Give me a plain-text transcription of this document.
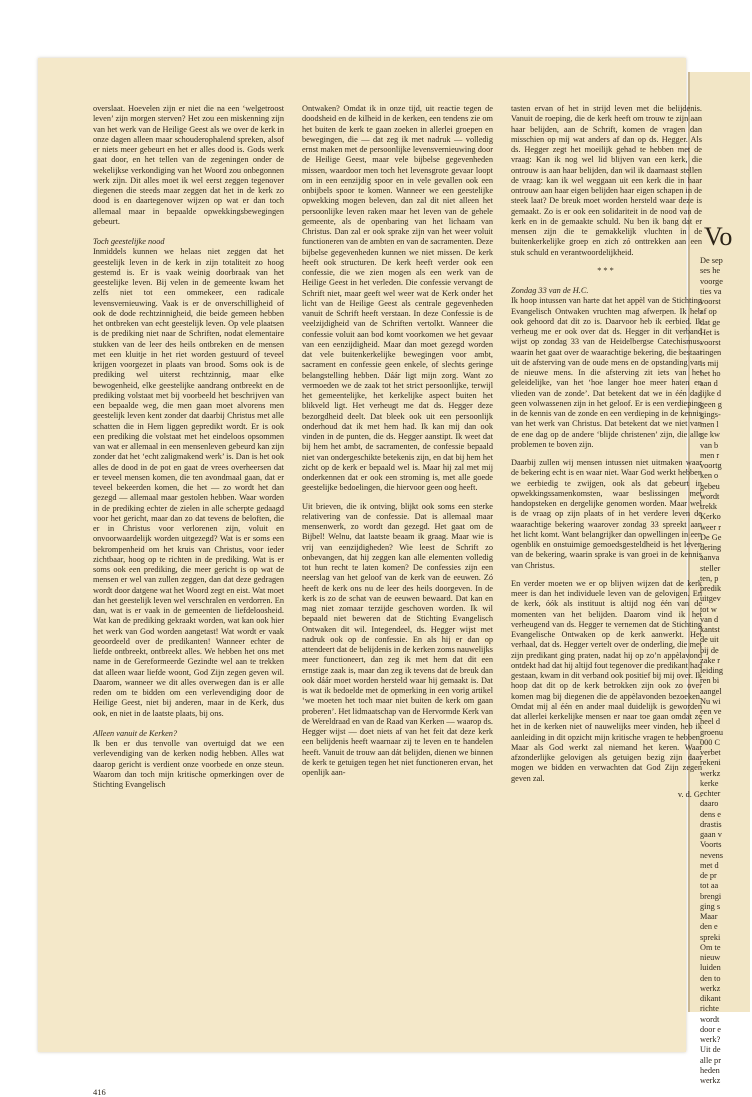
Vo
De sep
ses he
voorge
ties va
voorst
af op
dat ge
Het is
voorst
ringen
is mij
het ho
aan d
lijke d
geen g
gings-
men l
ge kw
van b
men r
voortg
ken o
gebeu
wordt
trekk
Kerko
weer r
De Ge
dering
aanva
steller
ten, p
predik
uitgev
tot w
van d
kantst
de uit
bij de
zake r
leiding
ren bi
aangel
Nu wi
een ve
heel d
groenu
000 C
verbet
rekeni
werkz
kerke
echter
daaro
dens e
drastis
gaan v
Voorts
nevens
met d
de pr
tot aa
brengi
ging s
Maar
den e
spreki
Om te
nieuw
luiden
den to
werkz
dikant
richte
wordt
door e
werk?
Uit de
alle pr
heden
werkz

overslaat. Hoevelen zijn er niet die na een ‘welgetroost leven’ zijn morgen sterven? Het zou een miskenning zijn van het werk van de Heilige Geest als we over de kerk in onze dagen alleen maar schouderophalend spreken, alsof er niets meer gebeurt en het er alles dood is. Gods werk gaat door, en het tellen van de zegeningen onder de wekelijkse verkondiging van het Woord zou onbegonnen werk zijn. Dit alles moet ik wel eerst zeggen tegenover diegenen die steeds maar zeggen dat het in de kerk zo dood is en daartegenover wijzen op wat er dan toch allemaal maar in bepaalde opwekkingsbewegingen gebeurt.

Toch geestelijke nood

Inmiddels kunnen we helaas niet zeggen dat het geestelijk leven in de kerk in zijn totaliteit zo hoog gestemd is. Er is vaak weinig doorbraak van het geestelijke leven. Bij velen in de gemeente kwam het zelfs niet tot een ommekeer, een radicale levensvernieuwing. Vaak is er de onverschilligheid of ook de dode rechtzinnigheid, die beide gemeen hebben het ontbreken van echt geestelijk leven. Op vele plaatsen is de prediking niet naar de Schriften, nodat elementaire stukken van de leer des heils ontbreken en de mensen met een kluitje in het riet worden gestuurd of teveel krijgen voorgezet in plaats van brood. Soms ook is de prediking wel uiterst rechtzinnig, maar elke bewogenheid, elke geestelijke aandrang ontbreekt en de prediking volstaat met bij voorbeeld het beschrijven van een bepaalde weg, die men gaan moet alvorens men geestelijk leven kent zonder dat daarbij Christus met alle schatten die in Hem liggen gepredikt wordt. Er is ook een prediking die volstaat met het eindeloos opsommen van wat er allemaal in een mensenleven gebeurd kan zijn zonder dat het ‘echt zaligmakend werk’ is. Dan is het ook alles de dood in de pot en gaat de vrees overheersen dat er teveel mensen komen, die ten avondmaal gaan, dat er teveel bekeerden komen, die het — zo wordt het dan gezegd — allemaal maar gestolen hebben. Waar worden in de prediking echter de zielen in alle scherpte gedaagd voor het gericht, maar dan zo dat tevens de beloften, die er in Christus voor verlorenen zijn, voluit en onvoorwaardelijk worden uitgezegd? Wat is er soms een bekrompenheid om het kruis van Christus, voor ieder zichtbaar, hoog op te richten in de prediking. Wat is er soms ook een prediking, die meer gericht is op wat de mensen er wel van zullen zeggen, dan dat deze gedragen wordt door datgene wat het Woord zegt en eist. Wat moet dan het geestelijk leven wel verschralen en verdorren. En dan, wat is er vaak in de gemeenten de liefdeloosheid. Wat kan de prediking gekraakt worden, wat kan ook hier het werk van God worden aangetast! Wat wordt er vaak geoordeeld over de predikanten! Wanneer echter de liefde ontbreekt, ontbreekt alles. We hebben het ons met name in de Gereformeerde Gezindte wel aan te trekken dat alleen waar liefde woont, God Zijn zegen geven wil. Daarom, wanneer we dit alles overwegen dan is er alle reden om te bidden om een verlevendiging door de Heilige Geest, niet bij anderen, maar in de Kerk, dus ook, en niet in de laatste plaats, bij ons.

Alleen vanuit de Kerken?

Ik ben er dus tenvolle van overtuigd dat we een verlevendiging van de kerken nodig hebben. Alles wat daarop gericht is verdient onze voorbede en onze steun. Waarom dan toch mijn kritische opmerkingen over de Stichting Evangelisch

Ontwaken? Omdat ik in onze tijd, uit reactie tegen de doodsheid en de kilheid in de kerken, een tendens zie om het buiten de kerk te gaan zoeken in allerlei groepen en bewegingen, die — dat zeg ik met nadruk — volledig ernst maken met de persoonlijke levensvernieuwing door de Heilige Geest, maar vele bijbelse gegevenheden missen, waardoor men toch het levensgrote gevaar loopt om in een eenzijdig spoor en in vele gevallen ook een onbijbels spoor te komen. Wanneer we een geestelijke opwekking mogen beleven, dan zal dit niet alleen het persoonlijke leven raken maar het leven van de gehele gemeente, als de openbaring van het lichaam van Christus. Dan zal er ook sprake zijn van het weer voluit functioneren van de ambten en van de sacramenten. Deze bijbelse gegevenheden kunnen we niet missen. De kerk heeft ook structuren. De kerk heeft verder ook een confessie, die we zien mogen als een werk van de Heilige Geest in het verleden. Die confessie vervangt de Schrift niet, maar geeft wel weer wat de Kerk onder het licht van de Heilige Geest als centrale gegevenheden vanuit de Schrift heeft verstaan. In deze Confessie is de veelzijdigheid van de Schriften vertolkt. Wanneer die confessie voluit aan bod komt voorkomen we het gevaar van een eenzijdigheid. Maar dan moet gezegd worden dat vele buitenkerkelijke bewegingen voor ambt, sacrament en confessie geen enkele, of slechts geringe belangstelling hebben. Dáár ligt mijn zorg. Want zo vermoeden we de zaak tot het strict persoonlijke, terwijl het gemeentelijke, het kerkelijke aspect buiten het blikveld ligt. Het verheugt me dat ds. Hegger deze bezorgdheid deelt. Dat bleek ook uit een persoonlijk onderhoud dat ik met hem had. Ik kan mij dan ook vinden in de punten, die ds. Hegger aanstipt. Ik weet dat bij hem het ambt, de sacramenten, de confessie bepaald niet van ondergeschikte betekenis zijn, en dat bij hem het zicht op de kerk er bepaald wel is. Maar hij zal met mij onderkennen dat er ook een stroming is, met alle goede geestelijke bedoelingen, die hiervoor geen oog heeft.

Uit brieven, die ik ontving, blijkt ook soms een sterke relativering van de confessie. Dat is allemaal maar mensenwerk, zo wordt dan gezegd. Het gaat om de Bijbel! Welnu, dat laatste beaam ik graag. Maar wie is vrij van eenzijdigheden? Wie leest de Schrift zo onbevangen, dat hij zeggen kan alle elementen volledig tot hun recht te laten komen? De confessies zijn een neerslag van het geloof van de kerk van de eeuwen. Zó heeft de kerk ons nu de leer des heils doorgeven. In de kerk is zo de schat van de eeuwen bewaard. Dat kan en mag niet zomaar terzijde geschoven worden. Ik wil bepaald niet beweren dat de Stichting Evangelisch Ontwaken dit wil. Integendeel, ds. Hegger wijst met nadruk ook op de confessie. En als hij er dan op attendeert dat de belijdenis in de kerken zoms nauwelijks meer functioneert, dan zeg ik met hem dat dit een ernstige zaak is, maar dan zeg ik tevens dat de breuk dan ook dáár moet worden hersteld waar hij gemaakt is. Dat is wat ik bedoelde met de opmerking in een vorig artikel ‘we moeten het toch maar niet buiten de kerk om gaan proberen’. Het lidmaatschap van de Hervormde Kerk van de Wereldraad en van de Raad van Kerken — waarop ds. Hegger wijst — doet niets af van het feit dat deze kerk een belijdenis heeft waarnaar zij te leven en te handelen heeft. Vanuit de trouw aan dát belijden, dienen we binnen de kerk te getuigen tegen het niet functioneren ervan, het openlijk aan-

tasten ervan of het in strijd leven met die belijdenis. Vanuit de roeping, die de kerk heeft om trouw te zijn aan haar belijden, aan de Schrift, komen de vragen dan misschien op mij wat anders af dan op ds. Hegger. Als ds. Hegger zegt het moeilijk gehad te hebben met de vraag: Kan ik nog wel lid blijven van een kerk, die ontrouw is aan haar belijden, dan wil ik daarnaast stellen de vraag: kan ik wel weggaan uit een kerk die in haar ontrouw aan haar eigen belijden haar eigen schapen in de steek laat? De breuk moet worden hersteld waar deze is gemaakt. Zo is er ook een solidariteit in de nood van de kerk en in de gemaakte schuld. Nu ben ik bang dat er mensen zijn die te gemakkelijk vluchten in de buitenkerkelijke groep en zich zó onttrekken aan een stuk schuld en verantwoordelijkheid.

***

Zondag 33 van de H.C.

Ik hoop intussen van harte dat het appèl van de Stichting Evangelisch Ontwaken vruchten mag afwerpen. Ik heb ook gehoord dat dit zo is. Daarvoor heb ik eerbied. Ik verheug me er ook over dat ds. Hegger in dit verband wijst op zondag 33 van de Heidelbergse Catechismus, waarin het gaat over de waarachtige bekering, die bestaat uit de afsterving van de oude mens en de opstanding van de nieuwe mens. In die afsterving zit iets van het geleidelijke, van het ‘hoe langer hoe meer haten en vlieden van de zonde’. Dat betekent dat we in één dag geen volwassenen zijn in het geloof. Er is een verdieping in de kennis van de zonde en een verdieping in de kennis van het werk van Christus. Dat betekent dat we niet van de ene dag op de andere ‘blijde christenen’ zijn, die alle problemen te boven zijn.

Daarbij zullen wij mensen intussen niet uitmaken waar de bekering echt is en waar niet. Waar God werkt hebben we eerbiedig te zwijgen, ook als dat gebeurt in opwekkingssamenkomsten, waar beslissingen met handopsteken en dergelijke genomen worden. Maar wel is de vraag op zijn plaats of in het verdere leven de waarachtige bekering waarover zondag 33 spreekt aan het licht komt. Want belangrijker dan opwellingen in een ogenblik en onstuimige gemoedsgesteldheid is het leven van de bekering, waarin sprake is van groei in de kennis van Christus.

En verder moeten we er op blijven wijzen dat de kerk meer is dan het individuele leven van de gelovigen. En de kerk, óók als instituut is altijd nog één van de momenten van het belijden. Daarom vind ik het verheugend van ds. Hegger te vernemen dat de Stichting Evangelische Ontwaken op de kerk aanwerkt. Het verhaal, dat ds. Hegger vertelt over de onderling, die met zijn predikant ging praten, nadat hij op zo’n appèlavond ontdekt had dat hij altijd fout tegenover die predikant had gestaan, kwam in dit verband ook positief bij mij over. Ik hoop dat dit op de kerk betrokken zijn ook zo over komen mag bij diegenen die de appèlavonden bezoeken. Omdat mij al één en ander maal duidelijk is geworden dat allerlei kerkelijke mensen er naar toe gaan omdat ze het in de kerken niet of nauwelijks meer vinden, heb ik aanleiding in dit opzicht mijn kritische vragen te hebben. Maar als God werkt zal niemand het keren. Waar afzonderlijke gelovigen als getuigen bezig zijn daar mogen we bidden en verwachten dat God Zijn zegen geven zal.

v. d. G.

416
